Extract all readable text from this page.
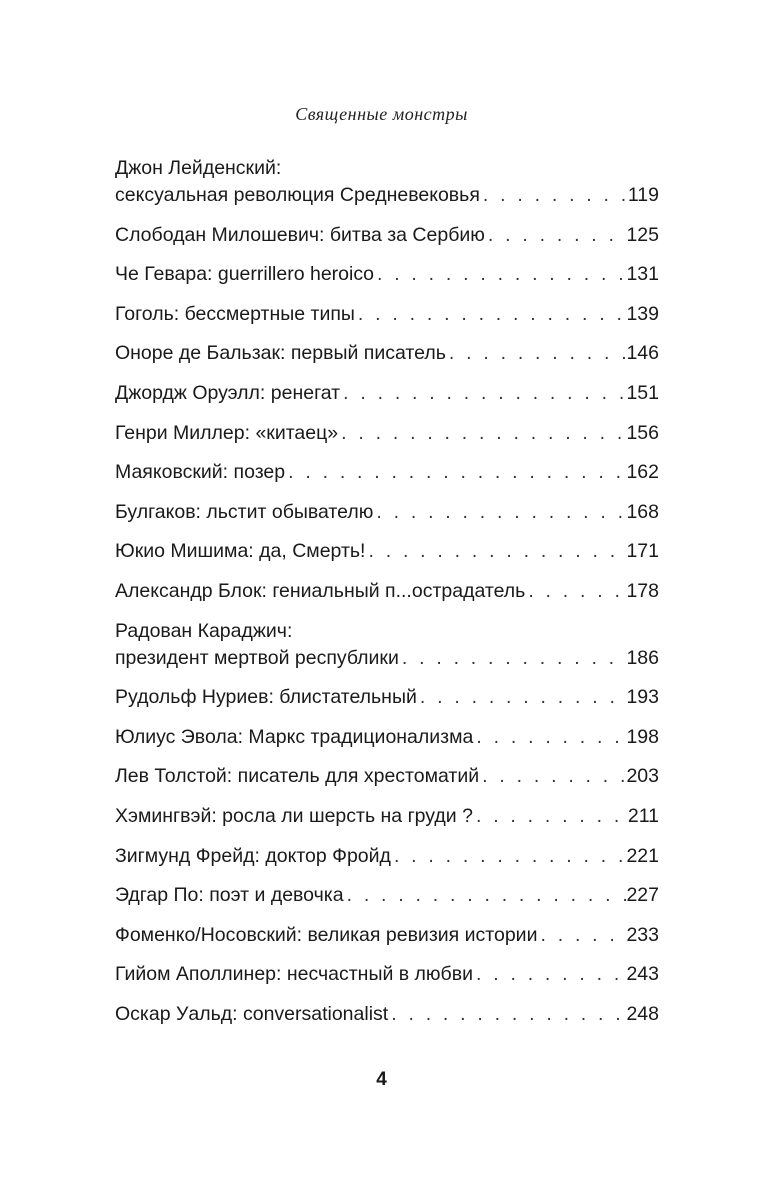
Священные монстры
Джон Лейденский:
сексуальная революция Средневековья . . .	119
Слободан Милошевич: битва за Сербию . . .	125
Че Гевара: guerrillero heroico . . .	131
Гоголь: бессмертные типы . . .	139
Оноре де Бальзак: первый писатель . . .	146
Джордж Оруэлл: ренегат . . .	151
Генри Миллер: «китаец» . . .	156
Маяковский: позер . . .	162
Булгаков: льстит обывателю . . .	168
Юкио Мишима: да, Смерть! . . .	171
Александр Блок: гениальный п...острадатель . . .	178
Радован Караджич:
президент мертвой республики . . .	186
Рудольф Нуриев: блистательный . . .	193
Юлиус Эвола: Маркс традиционализма . . .	198
Лев Толстой: писатель для хрестоматий . . .	203
Хэмингвэй: росла ли шерсть на груди ? . . .	211
Зигмунд Фрейд: доктор Фройд . . .	221
Эдгар По: поэт и девочка . . .	227
Фоменко/Носовский: великая ревизия истории . . .	233
Гийом Аполлинер: несчастный в любви . . .	243
Оскар Уальд: conversationalist . . .	248
4
